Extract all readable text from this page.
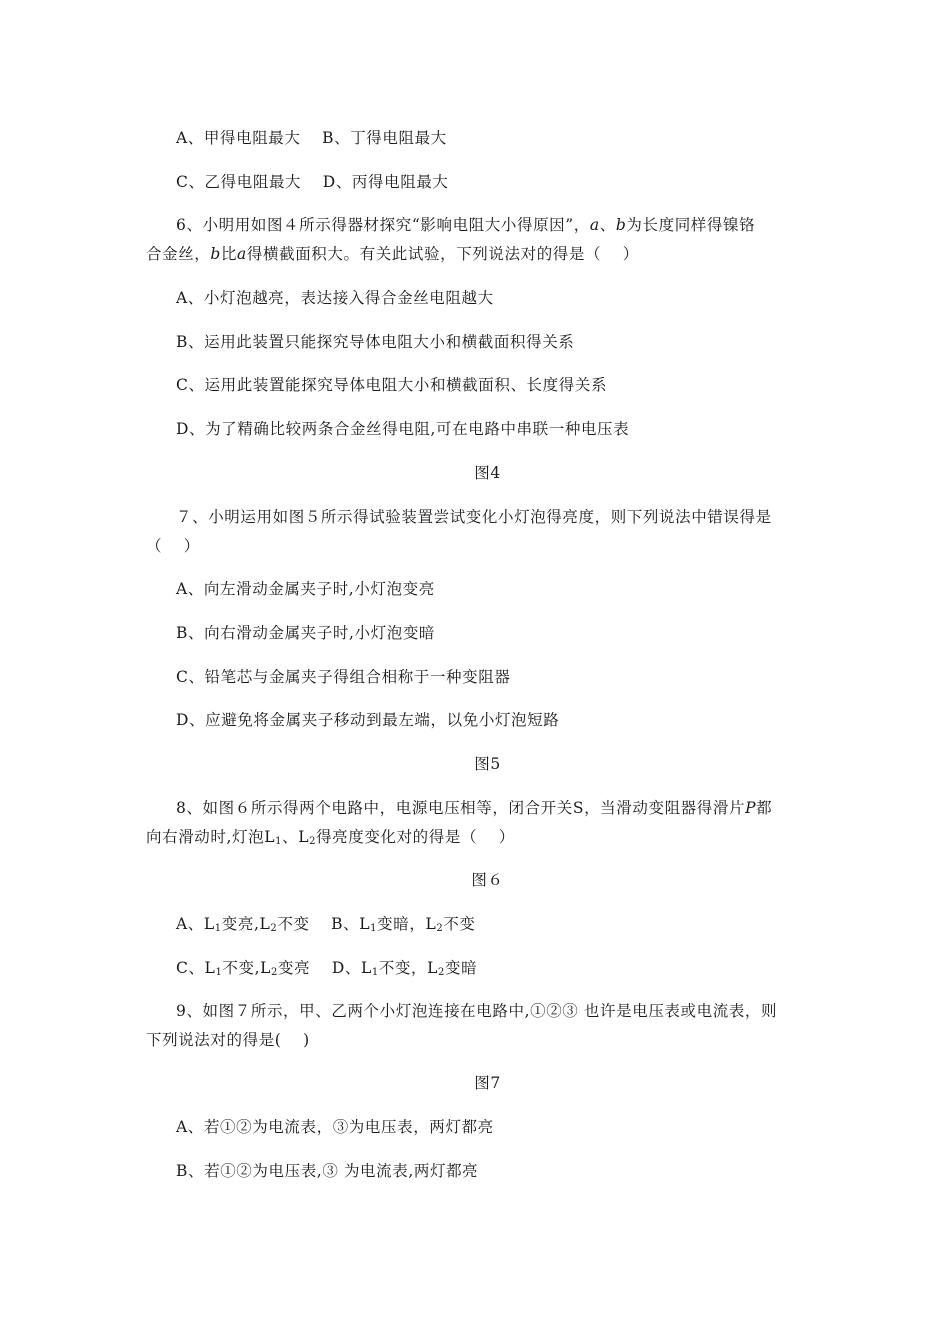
A、甲得电阻最大　 B、丁得电阻最大
C、乙得电阻最大　 D、丙得电阻最大
6、小明用如图４所示得器材探究“影响电阻大小得原因”，a、b为长度同样得镍铬
合金丝，b比a得横截面积大。有关此试验，下列说法对的得是（　 ）
A、小灯泡越亮，表达接入得合金丝电阻越大
B、运用此装置只能探究导体电阻大小和横截面积得关系
C、运用此装置能探究导体电阻大小和横截面积、长度得关系
D、为了精确比较两条合金丝得电阻,可在电路中串联一种电压表
图4
７、小明运用如图５所示得试验装置尝试变化小灯泡得亮度，则下列说法中错误得是
（　 ）
A、向左滑动金属夹子时,小灯泡变亮
B、向右滑动金属夹子时,小灯泡变暗
C、铅笔芯与金属夹子得组合相称于一种变阻器
D、应避免将金属夹子移动到最左端，以免小灯泡短路
图5
8、如图６所示得两个电路中，电源电压相等，闭合开关S，当滑动变阻器得滑片P都
向右滑动时,灯泡$L_1$、$L_2$得亮度变化对的得是（　 ）
图６
A、$L_1$变亮$,L_2$不变　 B、$L_1$变暗，$L_2$不变
C、$L_1$不变$,L_2$变亮　 D、$L_1$不变，$L_2$变暗
9、如图７所示，甲、乙两个小灯泡连接在电路中,①②③ 也许是电压表或电流表，则
下列说法对的得是(　 )
图7
A、若①②为电流表，③为电压表，两灯都亮
B、若①②为电压表,③ 为电流表,两灯都亮
